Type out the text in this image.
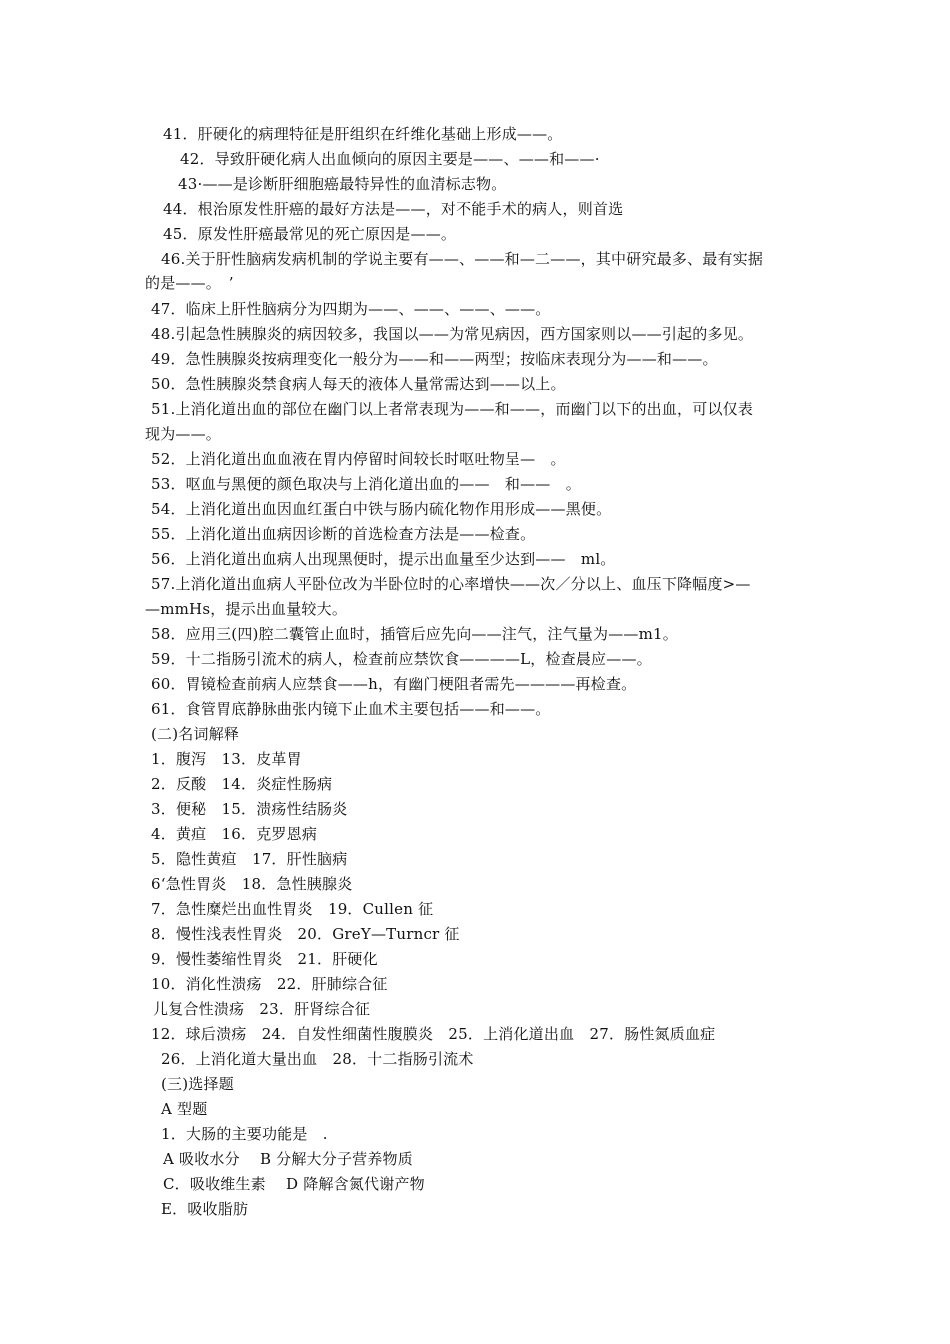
41．肝硬化的病理特征是肝组织在纤维化基础上形成——。
42．导致肝硬化病人出血倾向的原因主要是——、——和——·
43·——是诊断肝细胞癌最特异性的血清标志物。
44．根治原发性肝癌的最好方法是——，对不能手术的病人，则首选
45．原发性肝癌最常见的死亡原因是——。
46.关于肝性脑病发病机制的学说主要有——、——和—二——，其中研究最多、最有实据
的是——。　’
47．临床上肝性脑病分为四期为——、——、——、——。
48.引起急性胰腺炎的病因较多，我国以——为常见病因，西方国家则以——引起的多见。
49．急性胰腺炎按病理变化一般分为——和——两型；按临床表现分为——和——。
50．急性胰腺炎禁食病人每天的液体人量常需达到——以上。
51.上消化道出血的部位在幽门以上者常表现为——和——，而幽门以下的出血，可以仅表
现为——。
52．上消化道出血血液在胃内停留时间较长时呕吐物呈—　。
53．呕血与黑便的颜色取决与上消化道出血的——　和——　。
54．上消化道出血因血红蛋白中铁与肠内硫化物作用形成——黑便。
55．上消化道出血病因诊断的首选检查方法是——检查。
56．上消化道出血病人出现黑便时，提示出血量至少达到——　ml。
57.上消化道出血病人平卧位改为半卧位时的心率增快——次／分以上、血压下降幅度>—
—mmHs，提示出血量较大。
58．应用三(四)腔二囊管止血时，插管后应先向——注气，注气量为——m1。
59．十二指肠引流术的病人，检查前应禁饮食————L，检查晨应——。
60．胃镜检查前病人应禁食——h，有幽门梗阻者需先————再检查。
61．食管胃底静脉曲张内镜下止血术主要包括——和——。
(二)名词解释
1．腹泻　13．皮革胃
2．反酸　14．炎症性肠病
3．便秘　15．溃疡性结肠炎
4．黄疸　16．克罗恩病
5．隐性黄疸　17．肝性脑病
6‘急性胃炎　18．急性胰腺炎
7．急性糜烂出血性胃炎　19．Cullen 征
8．慢性浅表性胃炎　20．GreY—Turncr 征
9．慢性萎缩性胃炎　21．肝硬化
10．消化性溃疡　22．肝肺综合征
儿复合性溃疡　23．肝肾综合征
12．球后溃疡　24．自发性细菌性腹膜炎　25．上消化道出血　27．肠性氮质血症
26．上消化道大量出血　28．十二指肠引流术
(三)选择题
A 型题
1．大肠的主要功能是　.
A 吸收水分　 B 分解大分子营养物质
C．吸收维生素　 D 降解含氮代谢产物
E．吸收脂肪
